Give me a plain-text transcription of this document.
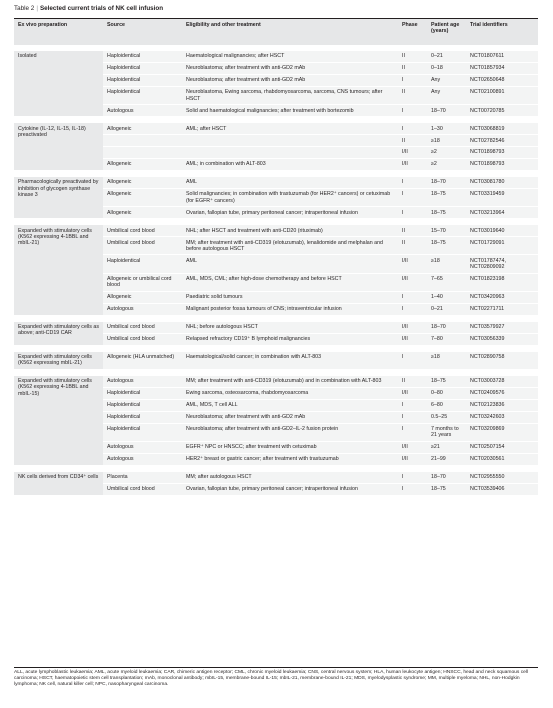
Table 2 | Selected current trials of NK cell infusion
Ex vivo preparation	Source	Eligibility and other treatment	Phase	Patient age (years)	Trial identifiers

Isolated	Haploidentical	Haematological malignancies; after HSCT	II	0–21	NCT01807611
	Haploidentical	Neuroblastoma; after treatment with anti-GD2 mAb	II	0–18	NCT01857934
	Haploidentical	Neuroblastoma; after treatment with anti-GD2 mAb	I	Any	NCT02650648
	Haploidentical	Neuroblastoma, Ewing sarcoma, rhabdomyosarcoma, sarcoma, CNS tumours; after HSCT	II	Any	NCT02100891
	Autologous	Solid and haematological malignancies; after treatment with bortezomib	I	18–70	NCT00720785

Cytokine (IL-12, IL-15, IL-18) preactivated	Allogeneic	AML; after HSCT	I	1–30	NCT03068819
			II	≥18	NCT02782546
			I/II	≥2	NCT01898793
	Allogeneic	AML; in combination with ALT-803	I/II	≥2	NCT01898793

Pharmacologically preactivated by inhibition of glycogen synthase kinase 3	Allogeneic	AML	I	18–70	NCT03081780
	Allogeneic	Solid malignancies; in combination with trastuzumab (for HER2⁺ cancers) or cetuximab (for EGFR⁺ cancers)	I	18–75	NCT03319459
	Allogeneic	Ovarian, fallopian tube, primary peritoneal cancer; intraperitoneal infusion	I	18–75	NCT03213964

Expanded with stimulatory cells (K562 expressing 4-1BBL and mbIL-21)	Umbilical cord blood	NHL; after HSCT and treatment with anti-CD20 (rituximab)	II	15–70	NCT03019640
	Umbilical cord blood	MM; after treatment with anti-CD319 (elotuzumab), lenalidomide and melphalan and before autologous HSCT	II	18–75	NCT01729091
	Haploidentical	AML	I/II	≥18	NCT01787474, NCT02809092
	Allogeneic or umbilical cord blood	AML, MDS, CML; after high-dose chemotherapy and before HSCT	I/II	7–65	NCT01823198
	Allogeneic	Paediatric solid tumours	I	1–40	NCT03420963
	Autologous	Malignant posterior fossa tumours of CNS; intraventricular infusion	I	0–21	NCT02271711

Expanded with stimulatory cells as above; anti-CD19 CAR	Umbilical cord blood	NHL; before autologous HSCT	I/II	18–70	NCT03579927
	Umbilical cord blood	Relapsed refractory CD19⁺ B lymphoid malignancies	I/II	7–80	NCT03056339

Expanded with stimulatory cells (K562 expressing mbIL-21)	Allogeneic (HLA unmatched)	Haematological/solid cancer; in combination with ALT-803	I	≥18	NCT02890758

Expanded with stimulatory cells (K562 expressing 4-1BBL and mbIL-15)	Autologous	MM; after treatment with anti-CD319 (elotuzumab) and in combination with ALT-803	II	18–75	NCT03003728
	Haploidentical	Ewing sarcoma, osteosarcoma, rhabdomyosarcoma	I/II	0–80	NCT02409576
	Haploidentical	AML, MDS, T cell ALL	I	6–80	NCT02123836
	Haploidentical	Neuroblastoma; after treatment with anti-GD2 mAb	I	0.5–25	NCT03242603
	Haploidentical	Neuroblastoma; after treatment with anti-GD2–IL-2 fusion protein	I	7 months to 21 years	NCT03209869
	Autologous	EGFR⁺ NPC or HNSCC; after treatment with cetuximab	I/II	≥21	NCT02507154
	Autologous	HER2⁺ breast or gastric cancer; after treatment with trastuzumab	I/II	21–99	NCT02030561

NK cells derived from CD34⁺ cells	Placenta	MM; after autologous HSCT	I	18–70	NCT02955550
	Umbilical cord blood	Ovarian, fallopian tube, primary peritoneal cancer; intraperitoneal infusion	I	18–75	NCT03539406
ALL, acute lymphoblastic leukaemia; AML, acute myeloid leukaemia; CAR, chimeric antigen receptor; CML, chronic myeloid leukaemia; CNS, central nervous system; HLA, human leukocyte antigen; HNSCC, head and neck squamous cell carcinoma; HSCT, haematopoietic stem cell transplantation; mAb, monoclonal antibody; mbIL-15, membrane-bound IL-15; mbIL-21, membrane-bound IL-21; MDS, myelodysplastic syndrome; MM, multiple myeloma; NHL, non-Hodgkin lymphoma; NK cell, natural killer cell; NPC, nasopharyngeal carcinoma.
